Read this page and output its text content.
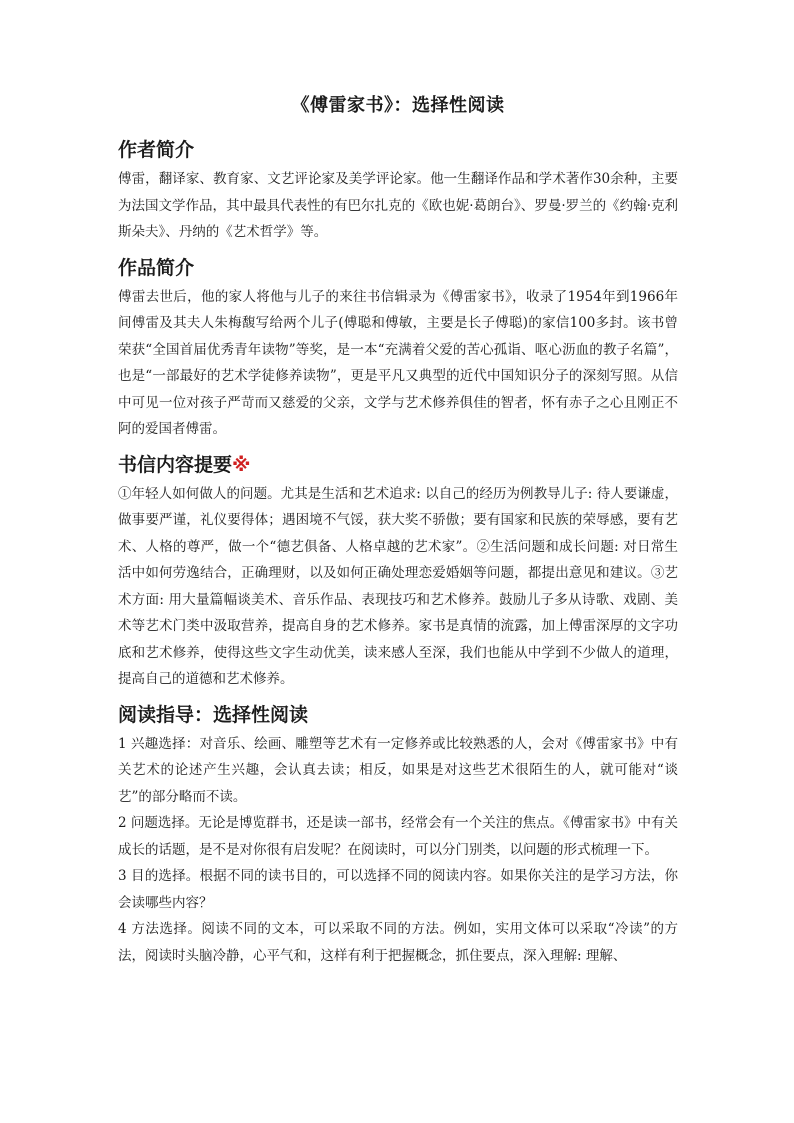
《傅雷家书》：选择性阅读
作者简介

傅雷，翻译家、教育家、文艺评论家及美学评论家。他一生翻译作品和学术著作30余种，主要为法国文学作品，其中最具代表性的有巴尔扎克的《欧也妮·葛朗台》、罗曼·罗兰的《约翰·克利斯朵夫》、丹纳的《艺术哲学》等。

作品简介

傅雷去世后，他的家人将他与儿子的来往书信辑录为《傅雷家书》，收录了1954年到1966年间傅雷及其夫人朱梅馥写给两个儿子(傅聪和傅敏，主要是长子傅聪)的家信100多封。该书曾荣获“全国首届优秀青年读物”等奖，是一本“充满着父爱的苦心孤诣、呕心沥血的教子名篇”，也是“一部最好的艺术学徒修养读物”，更是平凡又典型的近代中国知识分子的深刻写照。从信中可见一位对孩子严苛而又慈爱的父亲，文学与艺术修养俱佳的智者，怀有赤子之心且刚正不阿的爱国者傅雷。

书信内容提要※

①年轻人如何做人的问题。尤其是生活和艺术追求: 以自己的经历为例教导儿子: 待人要谦虚，做事要严谨，礼仪要得体；遇困境不气馁，获大奖不骄傲；要有国家和民族的荣辱感，要有艺术、人格的尊严，做一个“德艺俱备、人格卓越的艺术家”。②生活问题和成长问题: 对日常生活中如何劳逸结合，正确理财，以及如何正确处理恋爱婚姻等问题，都提出意见和建议。③艺术方面: 用大量篇幅谈美术、音乐作品、表现技巧和艺术修养。鼓励儿子多从诗歌、戏剧、美术等艺术门类中汲取营养，提高自身的艺术修养。家书是真情的流露，加上傅雷深厚的文字功底和艺术修养，使得这些文字生动优美，读来感人至深，我们也能从中学到不少做人的道理，提高自己的道德和艺术修养。

阅读指导：选择性阅读

1 兴趣选择：对音乐、绘画、雕塑等艺术有一定修养或比较熟悉的人，会对《傅雷家书》中有关艺术的论述产生兴趣，会认真去读；相反，如果是对这些艺术很陌生的人，就可能对“谈艺”的部分略而不读。

2 问题选择。无论是博览群书，还是读一部书，经常会有一个关注的焦点。《傅雷家书》中有关成长的话题，是不是对你很有启发呢？在阅读时，可以分门别类，以问题的形式梳理一下。

3 目的选择。根据不同的读书目的，可以选择不同的阅读内容。如果你关注的是学习方法，你会读哪些内容？

4 方法选择。阅读不同的文本，可以采取不同的方法。例如，实用文体可以采取“冷读”的方法，阅读时头脑冷静，心平气和，这样有利于把握概念，抓住要点，深入理解: 理解、
